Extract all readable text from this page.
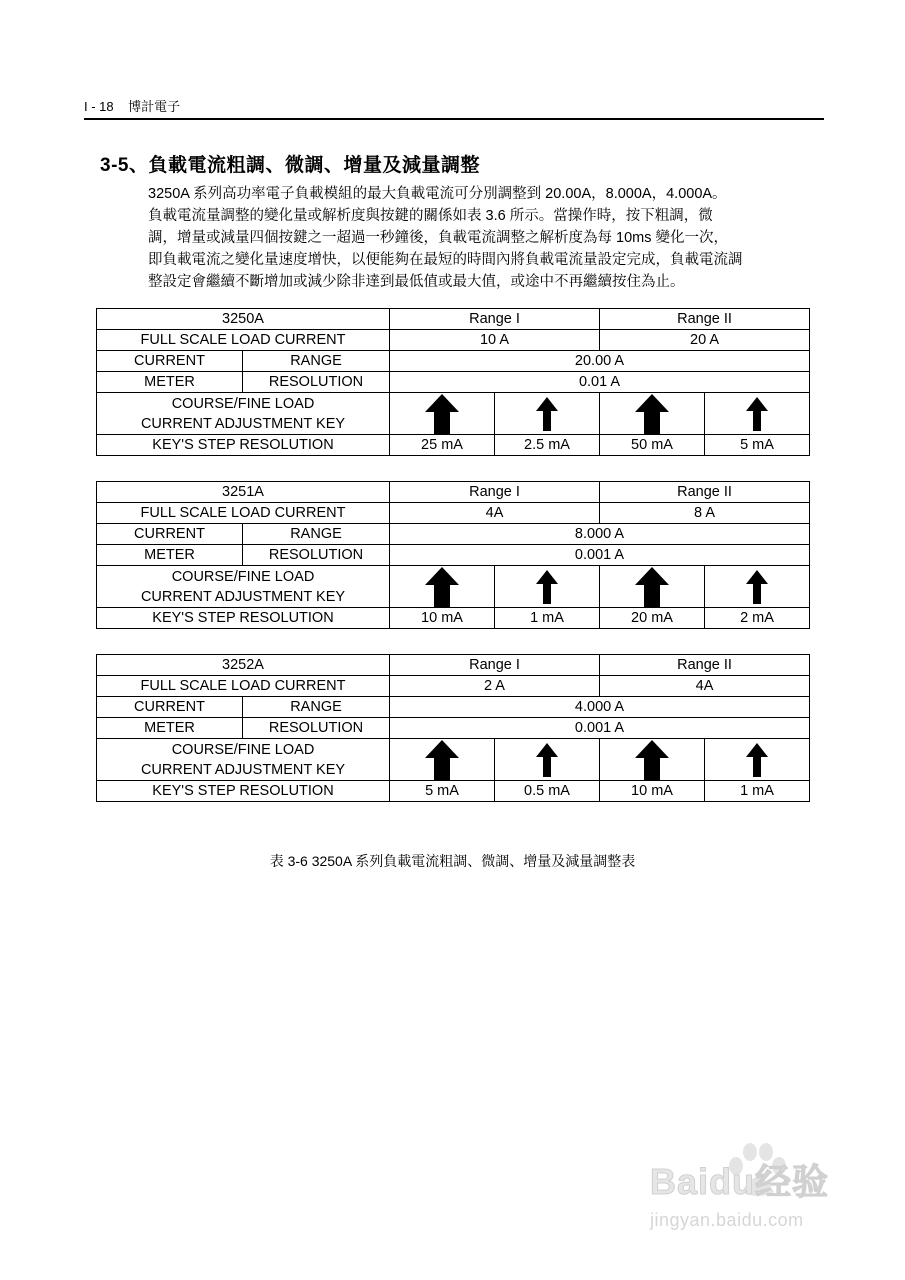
I - 18 博計電子
3-5、負載電流粗調、微調、增量及減量調整

3250A 系列高功率電子負載模組的最大負載電流可分別調整到 20.00A，8.000A，4.000A。

負載電流量調整的變化量或解析度與按鍵的關係如表 3.6 所示。當操作時，按下粗調，微

調，增量或減量四個按鍵之一超過一秒鐘後，負載電流調整之解析度為每 10ms 變化一次，

即負載電流之變化量速度增快，以便能夠在最短的時間內將負載電流量設定完成，負載電流調

整設定會繼續不斷增加或減少除非達到最低值或最大值，或途中不再繼續按住為止。

3250A		Range I		Range II	
FULL SCALE LOAD CURRENT		10 A		20 A	
CURRENT	RANGE	20.00 A			
METER	RESOLUTION	0.01 A			

COURSE/FINE LOAD
CURRENT ADJUSTMENT KEY

KEY'S STEP RESOLUTION		25 mA	2.5 mA	50 mA	5 mA
3251A		Range I		Range II	
FULL SCALE LOAD CURRENT		4A		8 A	
CURRENT	RANGE	8.000 A			
METER	RESOLUTION	0.001 A			

COURSE/FINE LOAD
CURRENT ADJUSTMENT KEY

KEY'S STEP RESOLUTION		10 mA	1 mA	20 mA	2 mA
3252A		Range I		Range II	
FULL SCALE LOAD CURRENT		2 A		4A	
CURRENT	RANGE	4.000 A			
METER	RESOLUTION	0.001 A			

COURSE/FINE LOAD
CURRENT ADJUSTMENT KEY

KEY'S STEP RESOLUTION		5 mA	0.5 mA	10 mA	1 mA
表 3-6 3250A 系列負載電流粗調、微調、增量及減量調整表
Baidu经验
jingyan.baidu.com
